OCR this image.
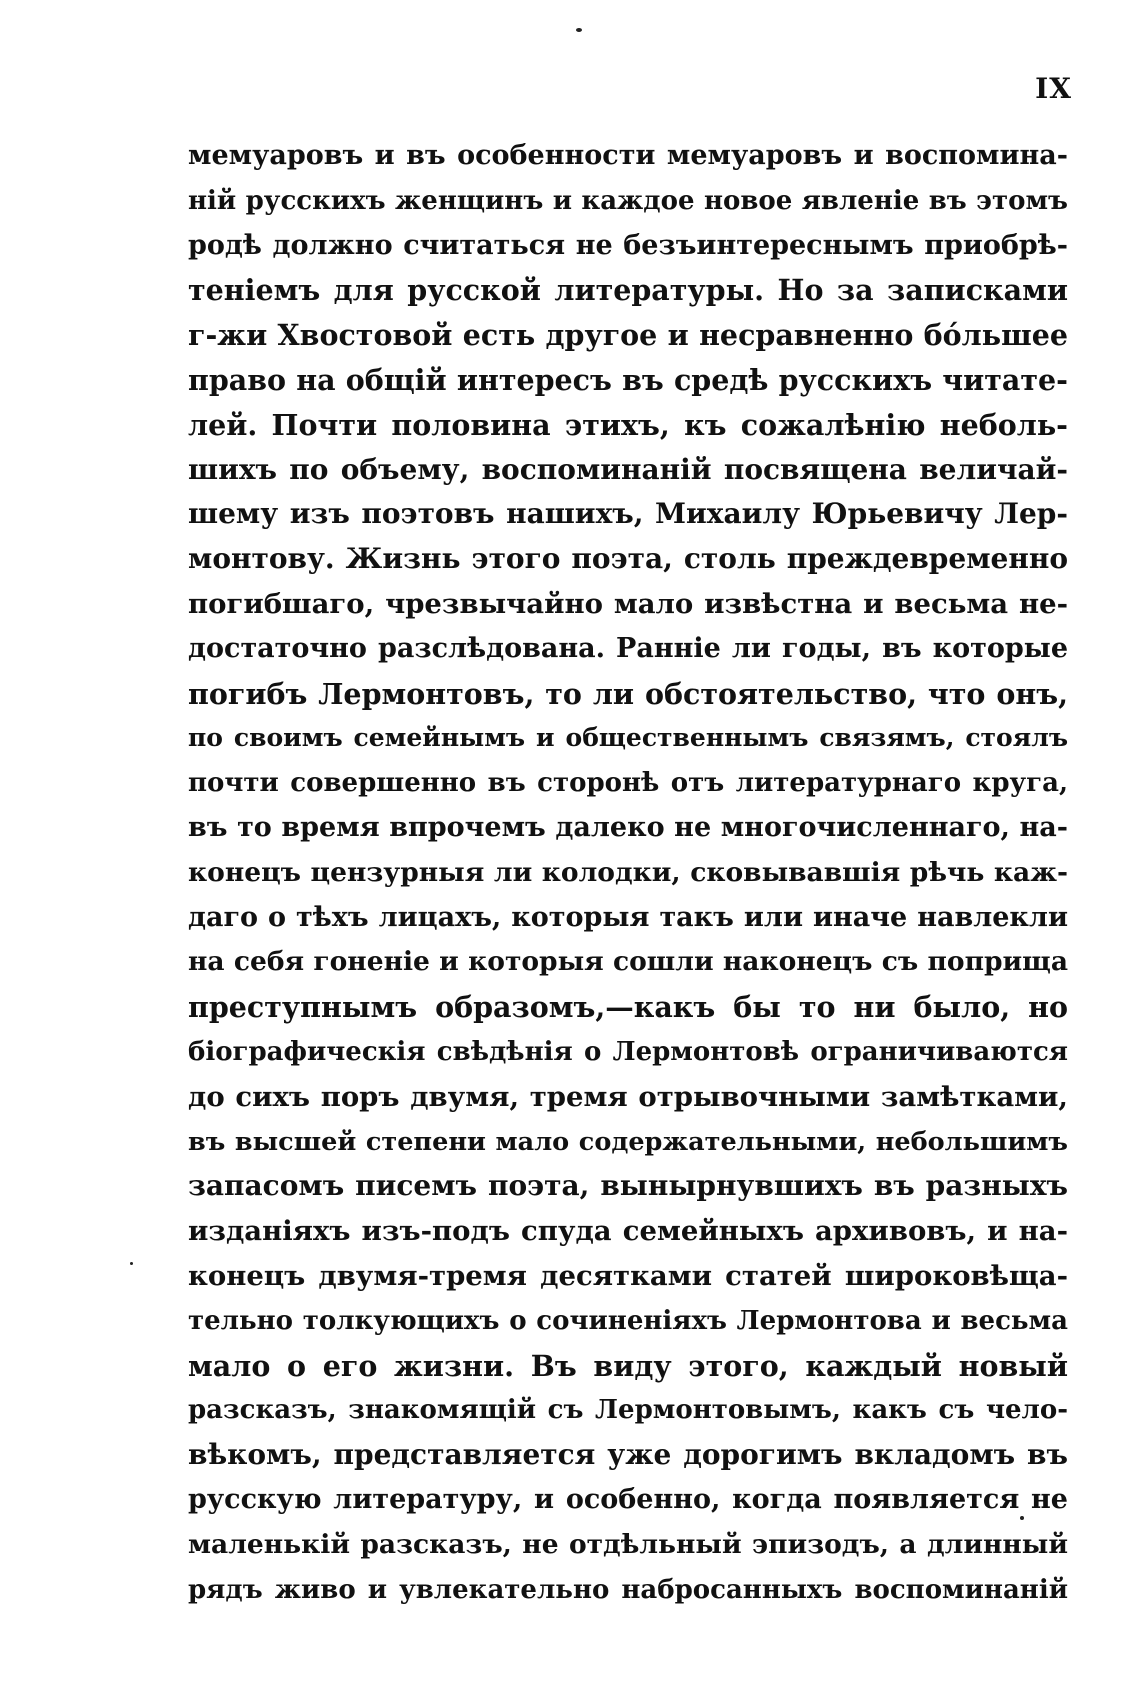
IX
мемуаровъ и въ особенности мемуаровъ и воспомина-
ній русскихъ женщинъ и каждое новое явленіе въ этомъ
родѣ должно считаться не безъинтереснымъ приобрѣ-
теніемъ для русской литературы. Но за записками
г-жи Хвостовой есть другое и несравненно бо́льшее
право на общій интересъ въ средѣ русскихъ читате-
лей. Почти половина этихъ, къ сожалѣнію неболь-
шихъ по объему, воспоминаній посвящена величай-
шему изъ поэтовъ нашихъ, Михаилу Юрьевичу Лер-
монтову. Жизнь этого поэта, столь преждевременно
погибшаго, чрезвычайно мало извѣстна и весьма не-
достаточно разслѣдована. Ранніе ли годы, въ которые
погибъ Лермонтовъ, то ли обстоятельство, что онъ,
по своимъ семейнымъ и общественнымъ связямъ, стоялъ
почти совершенно въ сторонѣ отъ литературнаго круга,
въ то время впрочемъ далеко не многочисленнаго, на-
конецъ цензурныя ли колодки, сковывавшія рѣчь каж-
даго о тѣхъ лицахъ, которыя такъ или иначе навлекли
на себя гоненіе и которыя сошли наконецъ съ поприща
преступнымъ образомъ,—какъ бы то ни было, но
біографическія свѣдѣнія о Лермонтовѣ ограничиваются
до сихъ поръ двумя, тремя отрывочными замѣтками,
въ высшей степени мало содержательными, небольшимъ
запасомъ писемъ поэта, вынырнувшихъ въ разныхъ
изданіяхъ изъ-подъ спуда семейныхъ архивовъ, и на-
конецъ двумя-тремя десятками статей широковѣща-
тельно толкующихъ о сочиненіяхъ Лермонтова и весьма
мало о его жизни. Въ виду этого, каждый новый
разсказъ, знакомящій съ Лермонтовымъ, какъ съ чело-
вѣкомъ, представляется уже дорогимъ вкладомъ въ
русскую литературу, и особенно, когда появляется не
маленькій разсказъ, не отдѣльный эпизодъ, а длинный
рядъ живо и увлекательно набросанныхъ воспоминаній
